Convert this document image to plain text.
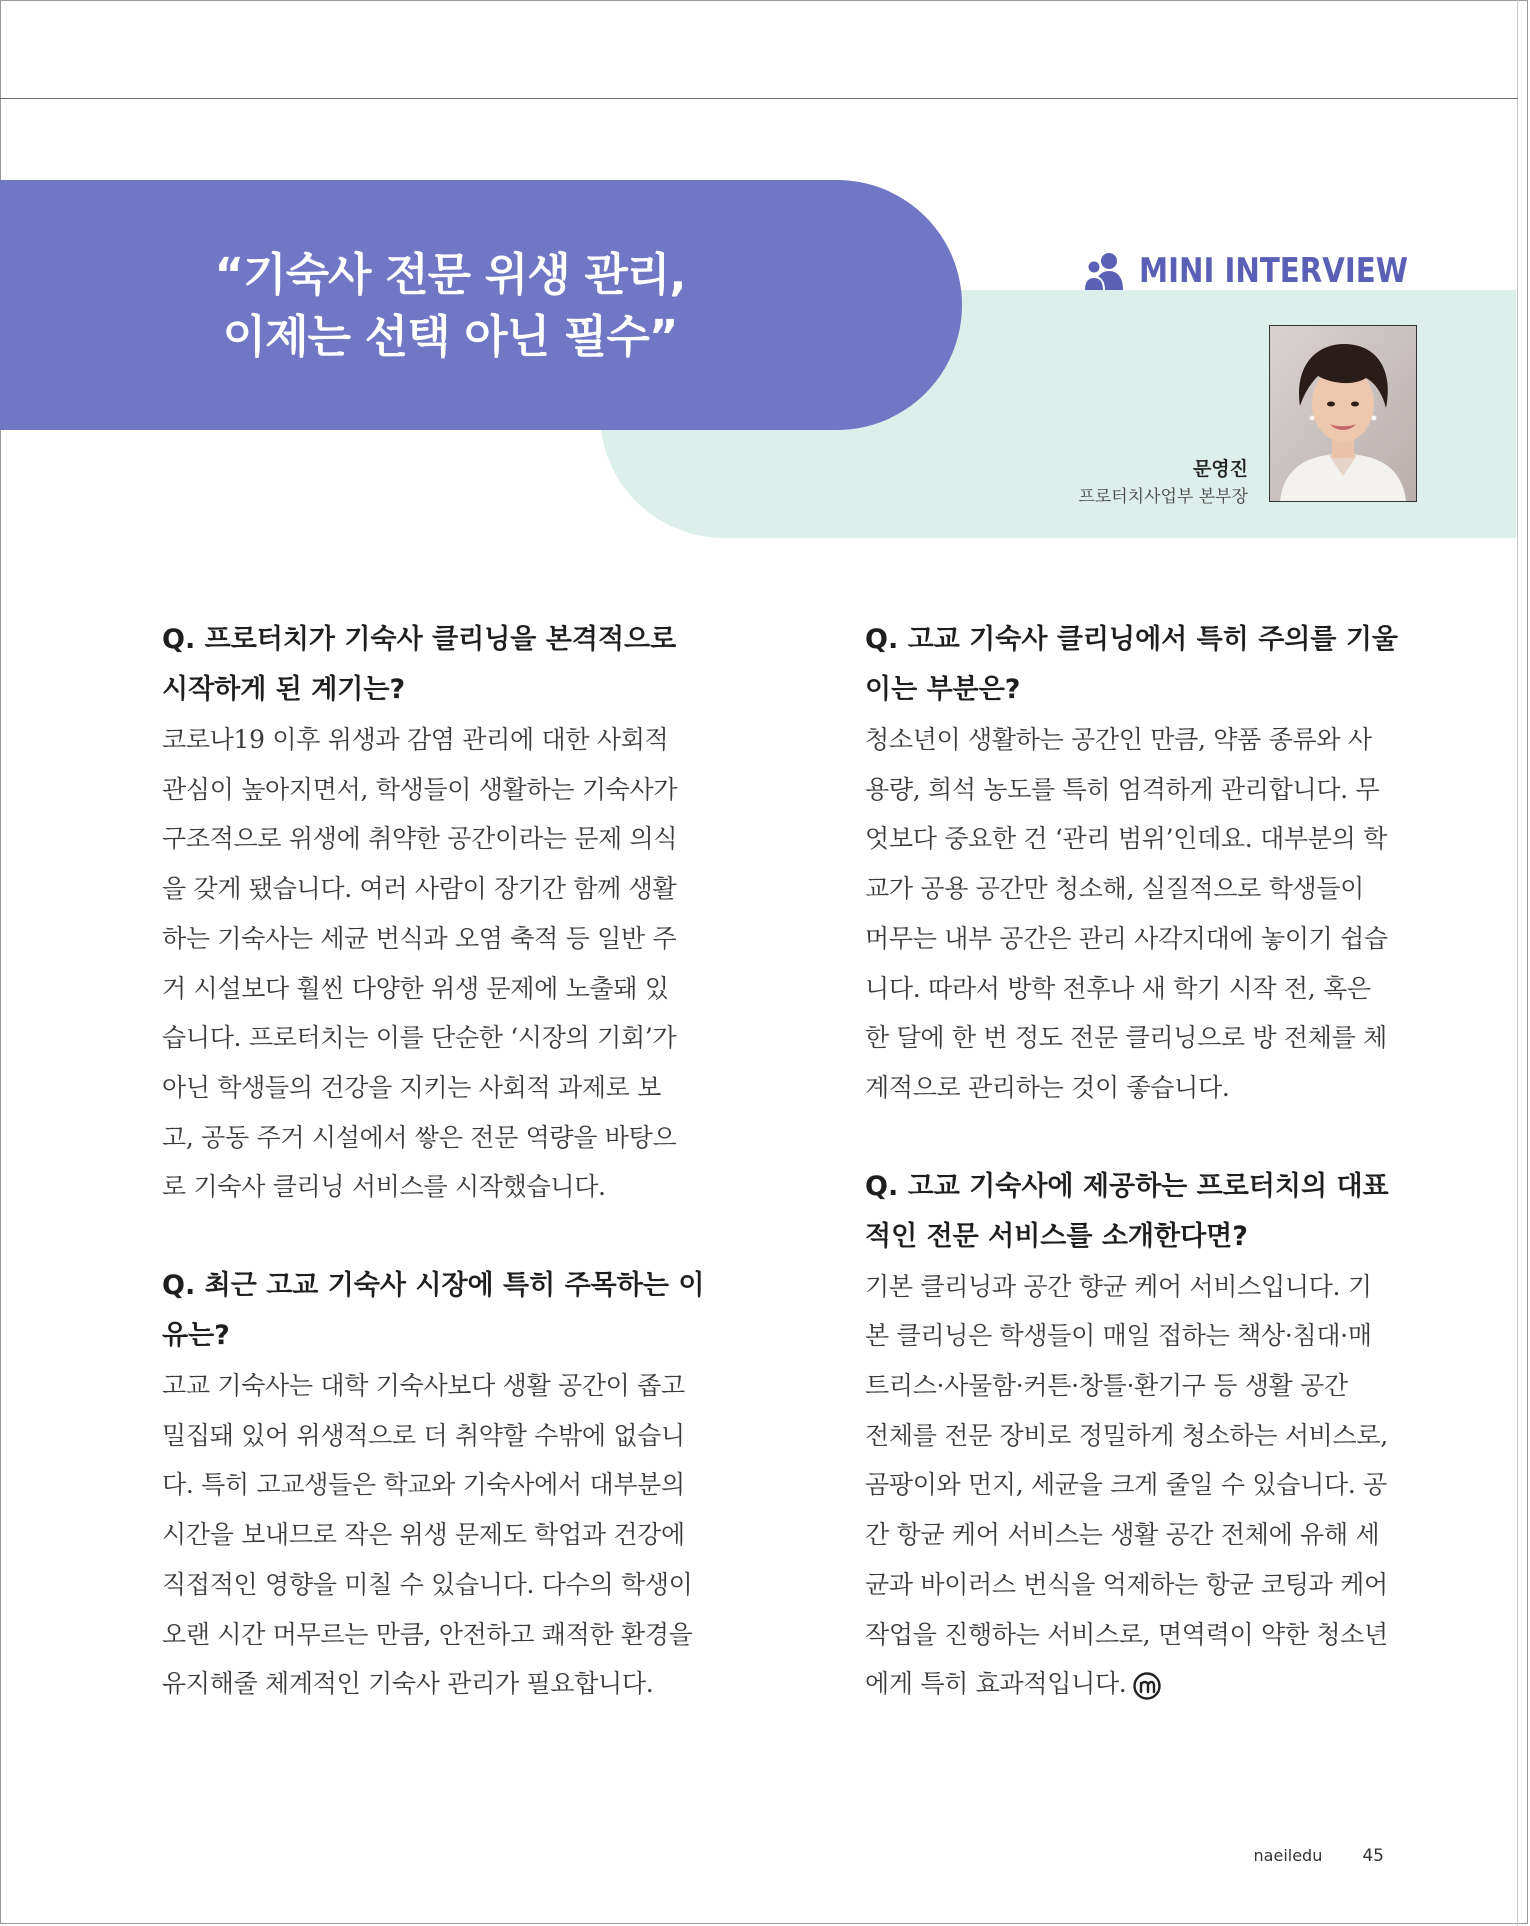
“기숙사 전문 위생 관리,
이제는 선택 아닌 필수”
MINI INTERVIEW
문영진
프로터치사업부 본부장
Q. 프로터치가 기숙사 클리닝을 본격적으로
시작하게 된 계기는?
코로나19 이후 위생과 감염 관리에 대한 사회적
관심이 높아지면서, 학생들이 생활하는 기숙사가
구조적으로 위생에 취약한 공간이라는 문제 의식
을 갖게 됐습니다. 여러 사람이 장기간 함께 생활
하는 기숙사는 세균 번식과 오염 축적 등 일반 주
거 시설보다 훨씬 다양한 위생 문제에 노출돼 있
습니다. 프로터치는 이를 단순한 ‘시장의 기회’가
아닌 학생들의 건강을 지키는 사회적 과제로 보
고, 공동 주거 시설에서 쌓은 전문 역량을 바탕으
로 기숙사 클리닝 서비스를 시작했습니다.
Q. 최근 고교 기숙사 시장에 특히 주목하는 이
유는?
고교 기숙사는 대학 기숙사보다 생활 공간이 좁고
밀집돼 있어 위생적으로 더 취약할 수밖에 없습니
다. 특히 고교생들은 학교와 기숙사에서 대부분의
시간을 보내므로 작은 위생 문제도 학업과 건강에
직접적인 영향을 미칠 수 있습니다. 다수의 학생이
오랜 시간 머무르는 만큼, 안전하고 쾌적한 환경을
유지해줄 체계적인 기숙사 관리가 필요합니다.
Q. 고교 기숙사 클리닝에서 특히 주의를 기울
이는 부분은?
청소년이 생활하는 공간인 만큼, 약품 종류와 사
용량, 희석 농도를 특히 엄격하게 관리합니다. 무
엇보다 중요한 건 ‘관리 범위’인데요. 대부분의 학
교가 공용 공간만 청소해, 실질적으로 학생들이
머무는 내부 공간은 관리 사각지대에 놓이기 쉽습
니다. 따라서 방학 전후나 새 학기 시작 전, 혹은
한 달에 한 번 정도 전문 클리닝으로 방 전체를 체
계적으로 관리하는 것이 좋습니다.
Q. 고교 기숙사에 제공하는 프로터치의 대표
적인 전문 서비스를 소개한다면?
기본 클리닝과 공간 향균 케어 서비스입니다. 기
본 클리닝은 학생들이 매일 접하는 책상·침대·매
트리스·사물함·커튼·창틀·환기구 등 생활 공간
전체를 전문 장비로 정밀하게 청소하는 서비스로,
곰팡이와 먼지, 세균을 크게 줄일 수 있습니다. 공
간 항균 케어 서비스는 생활 공간 전체에 유해 세
균과 바이러스 번식을 억제하는 항균 코팅과 케어
작업을 진행하는 서비스로, 면역력이 약한 청소년
에게 특히 효과적입니다.
naeiledu 45
